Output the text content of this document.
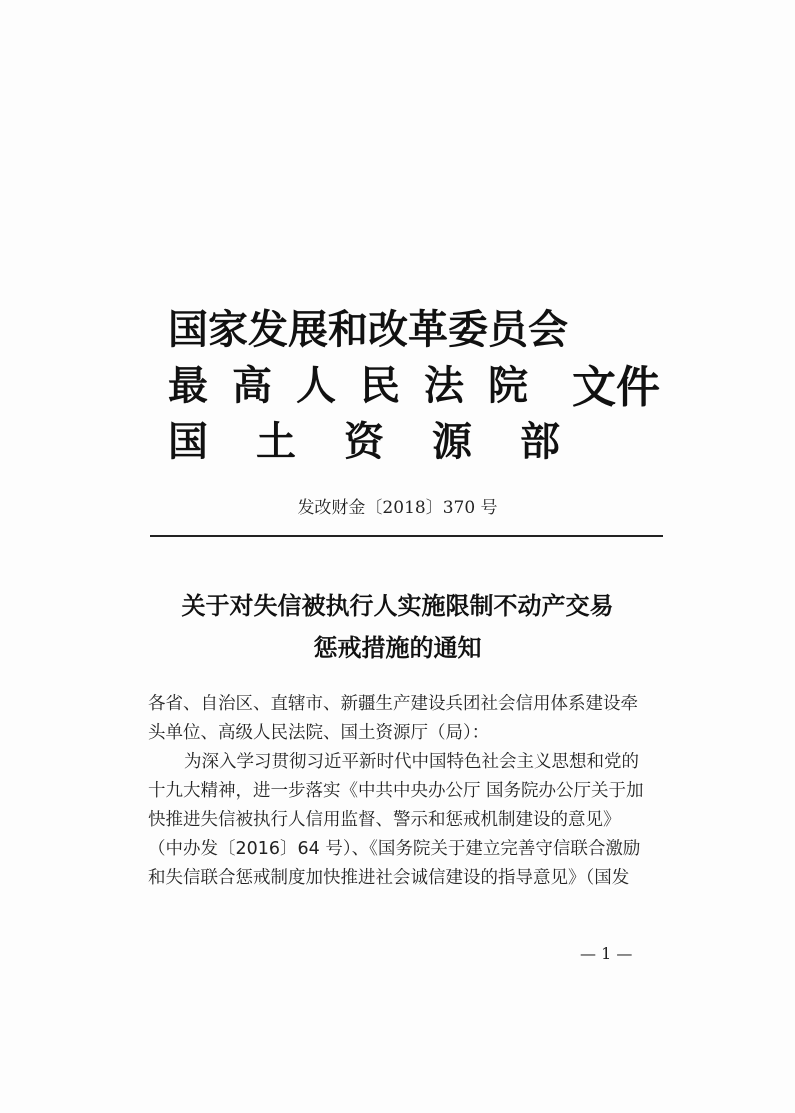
国家发展和改革委员会
最高人民法院
国土资源部
文件
发改财金〔2018〕370 号
关于对失信被执行人实施限制不动产交易
惩戒措施的通知
各省、自治区、直辖市、新疆生产建设兵团社会信用体系建设牵
头单位、高级人民法院、国土资源厅（局）：
为深入学习贯彻习近平新时代中国特色社会主义思想和党的
十九大精神，进一步落实《中共中央办公厅 国务院办公厅关于加
快推进失信被执行人信用监督、警示和惩戒机制建设的意见》
（中办发〔2016〕64 号）、《国务院关于建立完善守信联合激励
和失信联合惩戒制度加快推进社会诚信建设的指导意见》（国发
— 1 —
